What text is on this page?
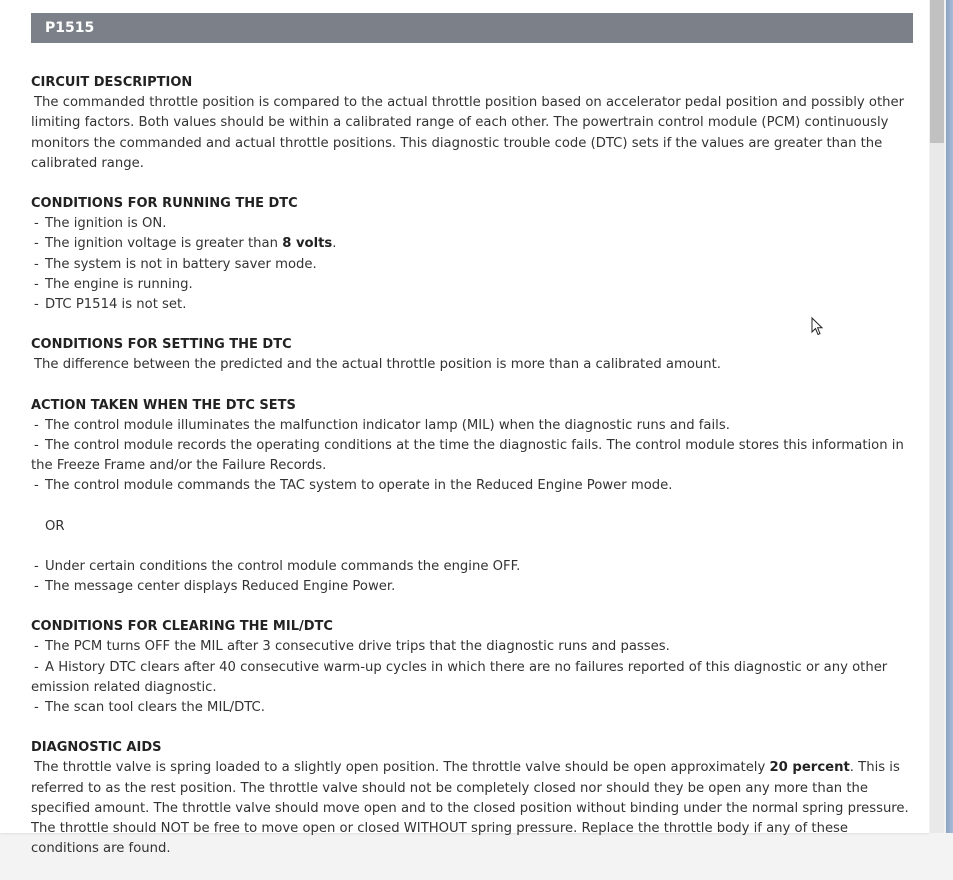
P1515
CIRCUIT DESCRIPTION
The commanded throttle position is compared to the actual throttle position based on accelerator pedal position and possibly other limiting factors. Both values should be within a calibrated range of each other. The powertrain control module (PCM) continuously monitors the commanded and actual throttle positions. This diagnostic trouble code (DTC) sets if the values are greater than the calibrated range.
CONDITIONS FOR RUNNING THE DTC
- The ignition is ON.
- The ignition voltage is greater than 8 volts.
- The system is not in battery saver mode.
- The engine is running.
- DTC P1514 is not set.
CONDITIONS FOR SETTING THE DTC
The difference between the predicted and the actual throttle position is more than a calibrated amount.
ACTION TAKEN WHEN THE DTC SETS
- The control module illuminates the malfunction indicator lamp (MIL) when the diagnostic runs and fails.
- The control module records the operating conditions at the time the diagnostic fails. The control module stores this information in the Freeze Frame and/or the Failure Records.
- The control module commands the TAC system to operate in the Reduced Engine Power mode.
OR
- Under certain conditions the control module commands the engine OFF.
- The message center displays Reduced Engine Power.
CONDITIONS FOR CLEARING THE MIL/DTC
- The PCM turns OFF the MIL after 3 consecutive drive trips that the diagnostic runs and passes.
- A History DTC clears after 40 consecutive warm-up cycles in which there are no failures reported of this diagnostic or any other emission related diagnostic.
- The scan tool clears the MIL/DTC.
DIAGNOSTIC AIDS
The throttle valve is spring loaded to a slightly open position. The throttle valve should be open approximately 20 percent. This is referred to as the rest position. The throttle valve should not be completely closed nor should they be open any more than the specified amount. The throttle valve should move open and to the closed position without binding under the normal spring pressure. The throttle should NOT be free to move open or closed WITHOUT spring pressure. Replace the throttle body if any of these conditions are found.
